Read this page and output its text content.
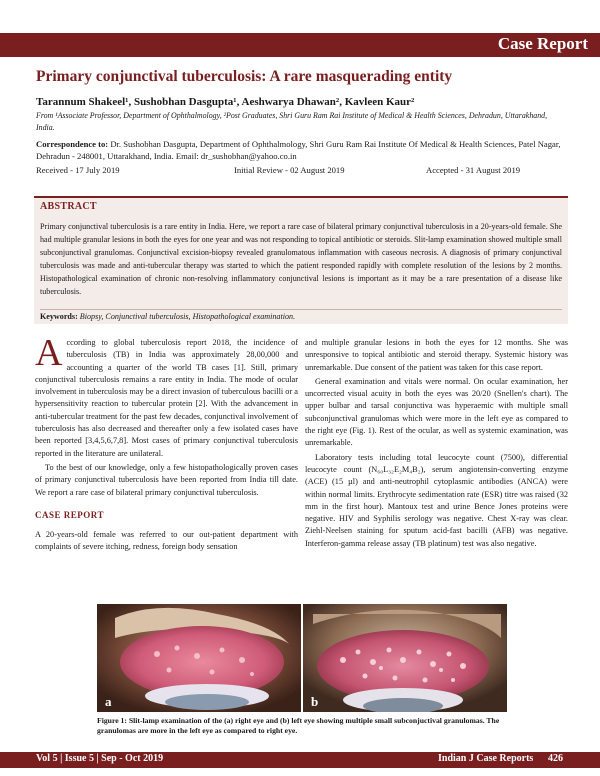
Case Report
Primary conjunctival tuberculosis: A rare masquerading entity
Tarannum Shakeel¹, Sushobhan Dasgupta¹, Aeshwarya Dhawan², Kavleen Kaur²
From ¹Associate Professor, Department of Ophthalmology, ²Post Graduates, Shri Guru Ram Rai Institute of Medical & Health Sciences, Dehradun, Uttarakhand, India.
Correspondence to: Dr. Sushobhan Dasgupta, Department of Ophthalmology, Shri Guru Ram Rai Institute Of Medical & Health Sciences, Patel Nagar, Dehradun - 248001, Uttarakhand, India. Email: dr_sushobhan@yahoo.co.in
Received - 17 July 2019	Initial Review - 02 August 2019	Accepted - 31 August 2019
ABSTRACT
Primary conjunctival tuberculosis is a rare entity in India. Here, we report a rare case of bilateral primary conjunctival tuberculosis in a 20-years-old female. She had multiple granular lesions in both the eyes for one year and was not responding to topical antibiotic or steroids. Slit-lamp examination showed multiple small subconjunctival granulomas. Conjunctival excision-biopsy revealed granulomatous inflammation with caseous necrosis. A diagnosis of primary conjunctival tuberculosis was made and anti-tubercular therapy was started to which the patient responded rapidly with complete resolution of the lesions by 2 months. Histopathological examination of chronic non-resolving inflammatory conjunctival lesions is important as it may be a rare presentation of a disease like tuberculosis.
Keywords: Biopsy, Conjunctival tuberculosis, Histopathological examination.

According to global tuberculosis report 2018, the incidence of tuberculosis (TB) in India was approximately 28,00,000 and accounting a quarter of the world TB cases [1]. Still, primary conjunctival tuberculosis remains a rare entity in India. The mode of ocular involvement in tuberculosis may be a direct invasion of tuberculous bacilli or a hypersensitivity reaction to tubercular protein [2]. With the advancement in anti-tubercular treatment for the past few decades, conjunctival involvement of tuberculosis has also decreased and thereafter only a few isolated cases have been reported [3,4,5,6,7,8]. Most cases of primary conjunctival tuberculosis reported in the literature are unilateral.

To the best of our knowledge, only a few histopathologically proven cases of primary conjunctival tuberculosis have been reported from India till date. We report a rare case of bilateral primary conjunctival tuberculosis.

CASE REPORT

A 20-years-old female was referred to our out-patient department with complaints of severe itching, redness, foreign body sensation

and multiple granular lesions in both the eyes for 12 months. She was unresponsive to topical antibiotic and steroid therapy. Systemic history was unremarkable. Due consent of the patient was taken for this case report.

General examination and vitals were normal. On ocular examination, her uncorrected visual acuity in both the eyes was 20/20 (Snellen's chart). The upper bulbar and tarsal conjunctiva was hyperaemic with multiple small subconjunctival granulomas which were more in the left eye as compared to the right eye (Fig. 1). Rest of the ocular, as well as systemic examination, was unremarkable.

Laboratory tests including total leucocyte count (7500), differential leucocyte count (N₆₀L₃₂E₂M₄B₂), serum angiotensin-converting enzyme (ACE) (15 µl) and anti-neutrophil cytoplasmic antibodies (ANCA) were within normal limits. Erythrocyte sedimentation rate (ESR) titre was raised (32 mm in the first hour). Mantoux test and urine Bence Jones proteins were negative. HIV and Syphilis serology was negative. Chest X-ray was clear. Ziehl-Neelsen staining for sputum acid-fast bacilli (AFB) was negative. Interferon-gamma release assay (TB platinum) test was also negative.

a	b
Figure 1: Slit-lamp examination of the (a) right eye and (b) left eye showing multiple small subconjuctival granulomas. The granulomas are more in the left eye as compared to right eye.
Vol 5 | Issue 5 | Sep - Oct 2019	Indian J Case Reports 426
